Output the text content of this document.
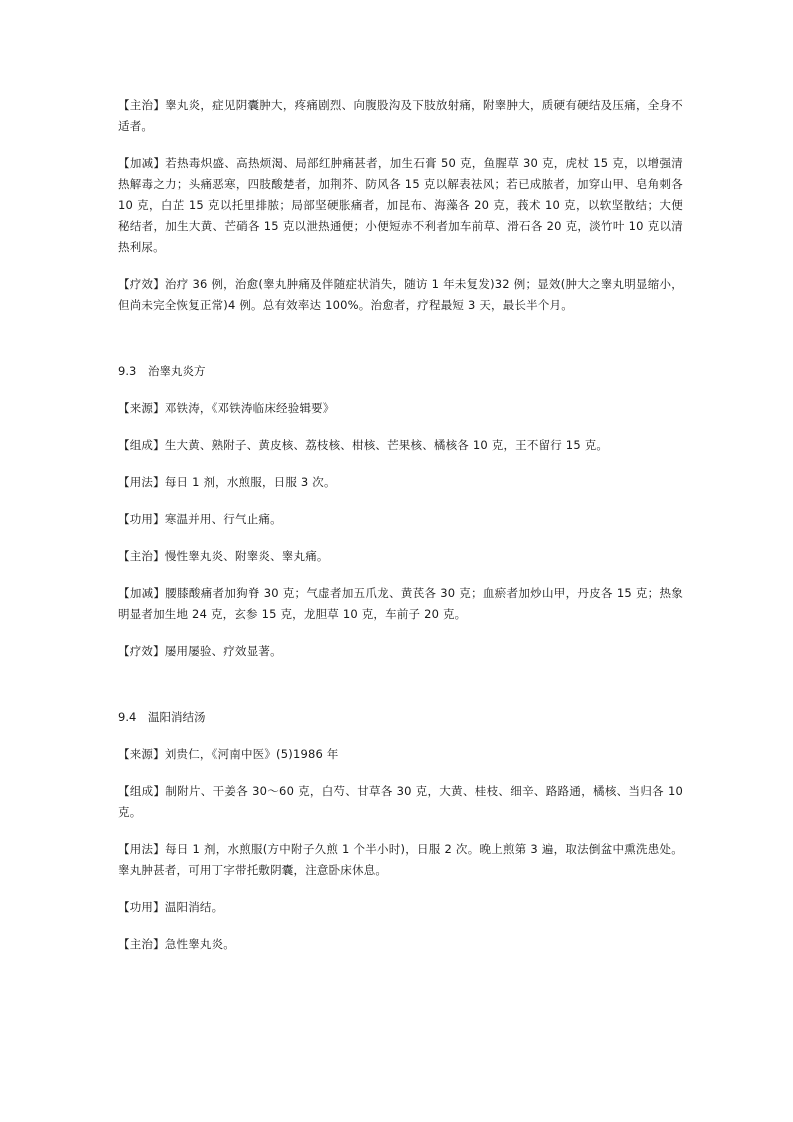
【主治】睾丸炎，症见阴囊肿大，疼痛剧烈、向腹股沟及下肢放射痛，附睾肿大，质硬有硬结及压痛，全身不适者。

【加减】若热毒炽盛、高热烦渴、局部红肿痛甚者，加生石膏 50 克，鱼腥草 30 克，虎杖 15 克，以增强清热解毒之力；头痛恶寒，四肢酸楚者，加荆芥、防风各 15 克以解表祛风；若已成脓者，加穿山甲、皂角刺各 10 克，白芷 15 克以托里排脓；局部坚硬胀痛者，加昆布、海藻各 20 克，莪术 10 克，以软坚散结；大便秘结者，加生大黄、芒硝各 15 克以泄热通便；小便短赤不利者加车前草、滑石各 20 克，淡竹叶 10 克以清热利尿。

【疗效】治疗 36 例，治愈(睾丸肿痛及伴随症状消失，随访 1 年未复发)32 例；显效(肿大之睾丸明显缩小，但尚未完全恢复正常)4 例。总有效率达 100%。治愈者，疗程最短 3 天，最长半个月。

9.3 治睾丸炎方

【来源】邓铁涛，《邓铁涛临床经验辑要》

【组成】生大黄、熟附子、黄皮核、荔枝核、柑核、芒果核、橘核各 10 克，王不留行 15 克。

【用法】每日 1 剂，水煎服，日服 3 次。

【功用】寒温并用、行气止痛。

【主治】慢性睾丸炎、附睾炎、睾丸痛。

【加减】腰膝酸痛者加狗脊 30 克；气虚者加五爪龙、黄芪各 30 克；血瘀者加炒山甲，丹皮各 15 克；热象明显者加生地 24 克，玄参 15 克，龙胆草 10 克，车前子 20 克。

【疗效】屡用屡验、疗效显著。

9.4 温阳消结汤

【来源】刘贵仁，《河南中医》(5)1986 年

【组成】制附片、干姜各 30～60 克，白芍、甘草各 30 克，大黄、桂枝、细辛、路路通，橘核、当归各 10 克。

【用法】每日 1 剂，水煎服(方中附子久煎 1 个半小时)，日服 2 次。晚上煎第 3 遍，取法倒盆中熏洗患处。睾丸肿甚者，可用丁字带托敷阴囊，注意卧床休息。

【功用】温阳消结。

【主治】急性睾丸炎。
